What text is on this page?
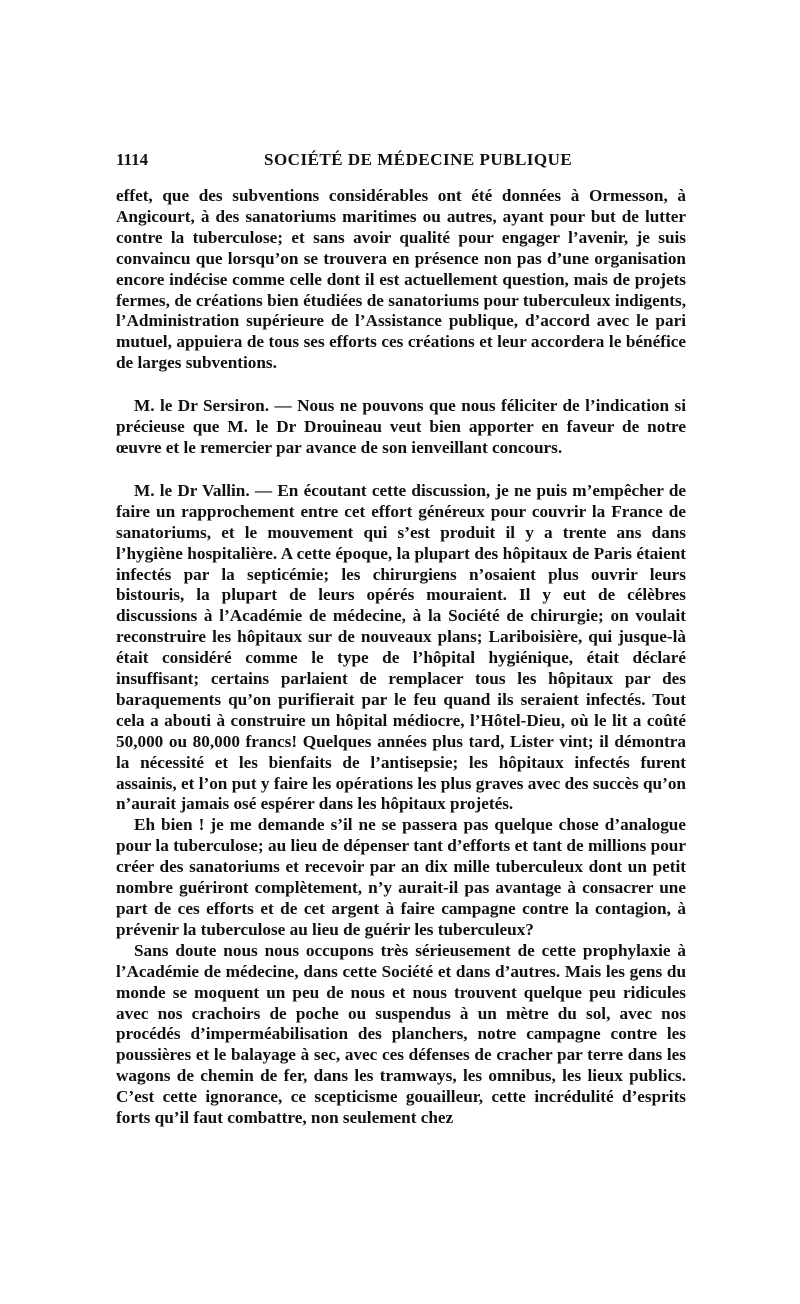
1114	SOCIÉTÉ DE MÉDECINE PUBLIQUE

effet, que des subventions considérables ont été données à Ormesson, à Angicourt, à des sanatoriums maritimes ou autres, ayant pour but de lutter contre la tuberculose; et sans avoir qualité pour engager l’avenir, je suis convaincu que lorsqu’on se trouvera en présence non pas d’une organisation encore indécise comme celle dont il est actuellement question, mais de projets fermes, de créations bien étudiées de sanatoriums pour tuberculeux indigents, l’Administration supérieure de l’Assistance publique, d’accord avec le pari mutuel, appuiera de tous ses efforts ces créations et leur accordera le bénéfice de larges subventions.

M. le Dr Sersiron. — Nous ne pouvons que nous féliciter de l’indication si précieuse que M. le Dr Drouineau veut bien apporter en faveur de notre œuvre et le remercier par avance de son ienveillant concours.

M. le Dr Vallin. — En écoutant cette discussion, je ne puis m’empêcher de faire un rapprochement entre cet effort généreux pour couvrir la France de sanatoriums, et le mouvement qui s’est produit il y a trente ans dans l’hygiène hospitalière. A cette époque, la plupart des hôpitaux de Paris étaient infectés par la septicémie; les chirurgiens n’osaient plus ouvrir leurs bistouris, la plupart de leurs opérés mouraient. Il y eut de célèbres discussions à l’Académie de médecine, à la Société de chirurgie; on voulait reconstruire les hôpitaux sur de nouveaux plans; Lariboisière, qui jusque-là était considéré comme le type de l’hôpital hygiénique, était déclaré insuffisant; certains parlaient de remplacer tous les hôpitaux par des baraquements qu’on purifierait par le feu quand ils seraient infectés. Tout cela a abouti à construire un hôpital médiocre, l’Hôtel-Dieu, où le lit a coûté 50,000 ou 80,000 francs! Quelques années plus tard, Lister vint; il démontra la nécessité et les bienfaits de l’antisepsie; les hôpitaux infectés furent assainis, et l’on put y faire les opérations les plus graves avec des succès qu’on n’aurait jamais osé espérer dans les hôpitaux projetés.

Eh bien ! je me demande s’il ne se passera pas quelque chose d’analogue pour la tuberculose; au lieu de dépenser tant d’efforts et tant de millions pour créer des sanatoriums et recevoir par an dix mille tuberculeux dont un petit nombre guériront complètement, n’y aurait-il pas avantage à consacrer une part de ces efforts et de cet argent à faire campagne contre la contagion, à prévenir la tuberculose au lieu de guérir les tuberculeux?

Sans doute nous nous occupons très sérieusement de cette prophylaxie à l’Académie de médecine, dans cette Société et dans d’autres. Mais les gens du monde se moquent un peu de nous et nous trouvent quelque peu ridicules avec nos crachoirs de poche ou suspendus à un mètre du sol, avec nos procédés d’imperméabilisation des planchers, notre campagne contre les poussières et le balayage à sec, avec ces défenses de cracher par terre dans les wagons de chemin de fer, dans les tramways, les omnibus, les lieux publics. C’est cette ignorance, ce scepticisme gouailleur, cette incrédulité d’esprits forts qu’il faut combattre, non seulement chez
